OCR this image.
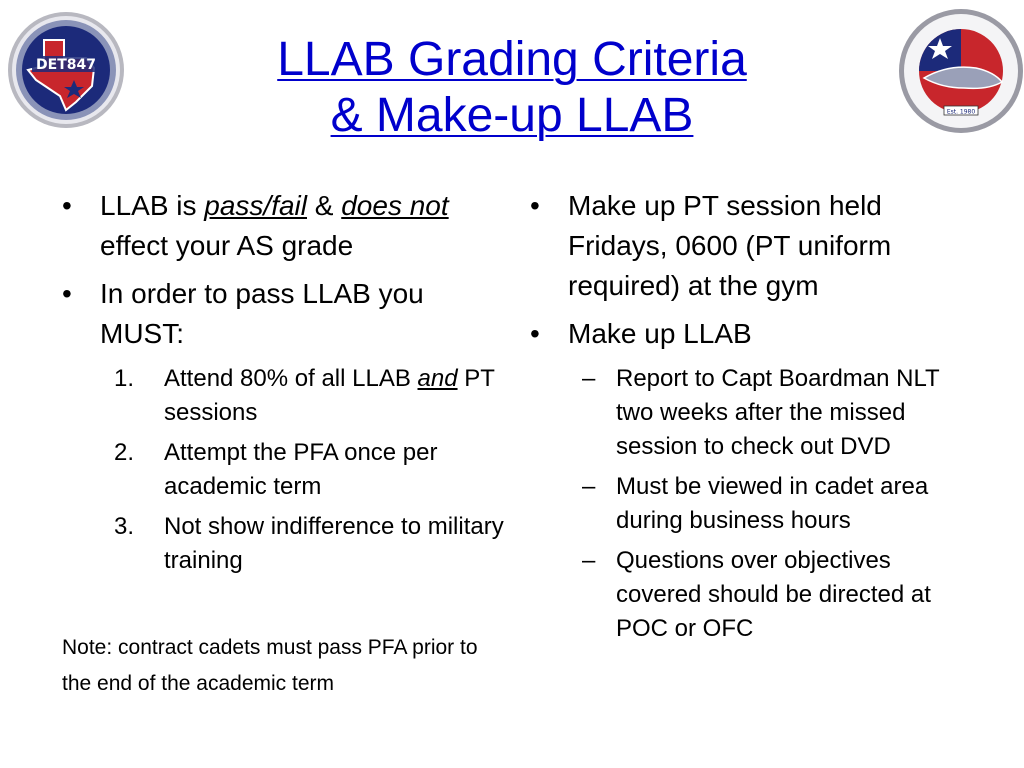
DET847
Est. 1980
LLAB Grading Criteria
& Make-up LLAB
• LLAB is pass/fail & does not effect your AS grade
• In order to pass LLAB you MUST:
1. Attend 80% of all LLAB and PT sessions
2. Attempt the PFA once per academic term
3. Not show indifference to military training
Note: contract cadets must pass PFA prior to the end of the academic term
• Make up PT session held Fridays, 0600 (PT uniform required) at the gym
• Make up LLAB
– Report to Capt Boardman NLT two weeks after the missed session to check out DVD
– Must be viewed in cadet area during business hours
– Questions over objectives covered should be directed at POC or OFC
